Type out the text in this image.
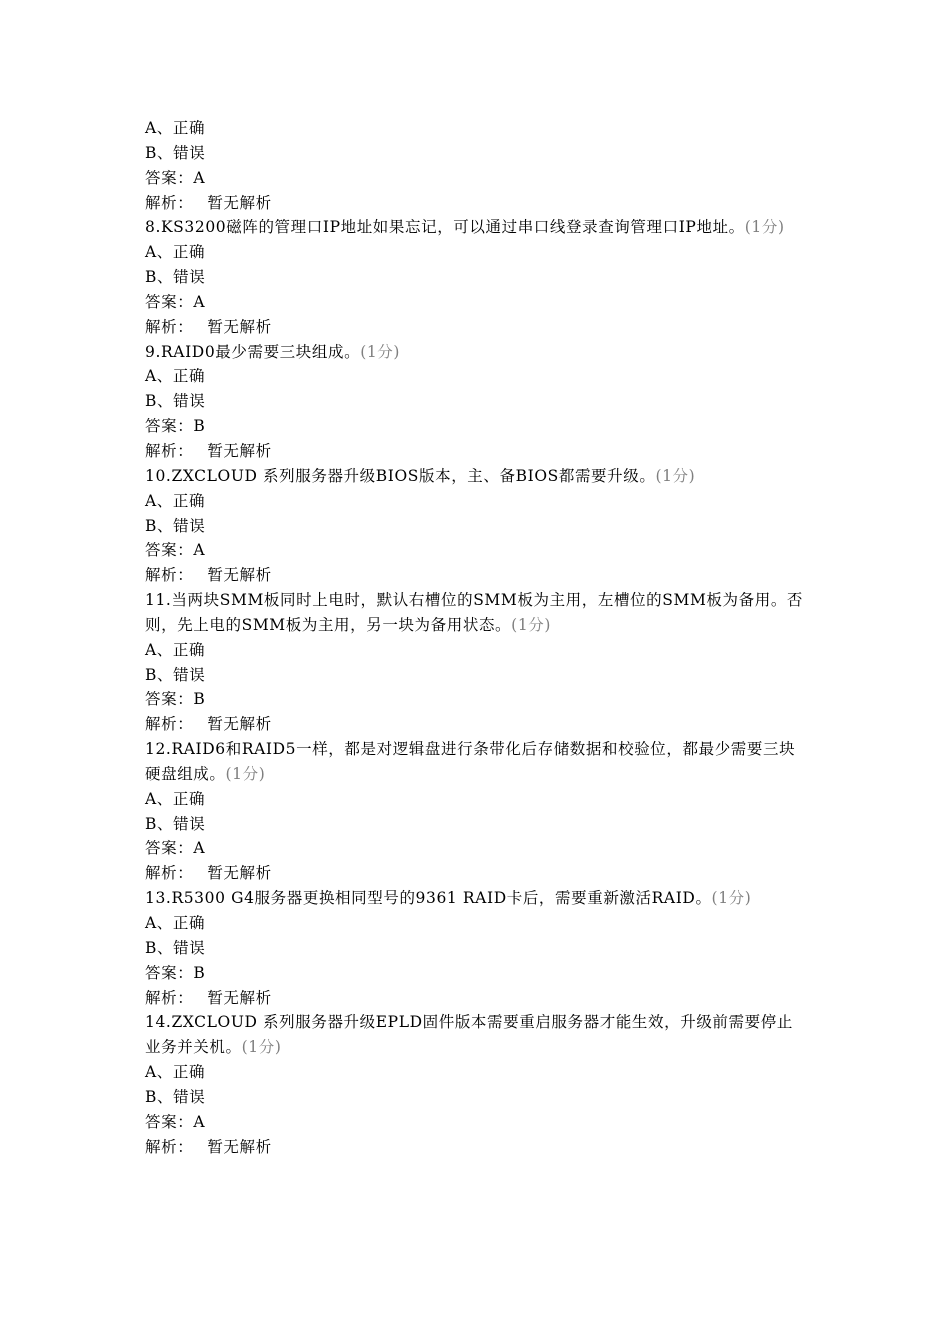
A、正确
B、错误
答案：A
解析： 暂无解析
8.KS3200磁阵的管理口IP地址如果忘记，可以通过串口线登录查询管理口IP地址。(1分)
A、正确
B、错误
答案：A
解析： 暂无解析
9.RAID0最少需要三块组成。(1分)
A、正确
B、错误
答案：B
解析： 暂无解析
10.ZXCLOUD 系列服务器升级BIOS版本，主、备BIOS都需要升级。(1分)
A、正确
B、错误
答案：A
解析： 暂无解析
11.当两块SMM板同时上电时，默认右槽位的SMM板为主用，左槽位的SMM板为备用。否则，先上电的SMM板为主用，另一块为备用状态。(1分)
A、正确
B、错误
答案：B
解析： 暂无解析
12.RAID6和RAID5一样，都是对逻辑盘进行条带化后存储数据和校验位，都最少需要三块硬盘组成。(1分)
A、正确
B、错误
答案：A
解析： 暂无解析
13.R5300 G4服务器更换相同型号的9361 RAID卡后，需要重新激活RAID。(1分)
A、正确
B、错误
答案：B
解析： 暂无解析
14.ZXCLOUD 系列服务器升级EPLD固件版本需要重启服务器才能生效，升级前需要停止业务并关机。(1分)
A、正确
B、错误
答案：A
解析： 暂无解析
